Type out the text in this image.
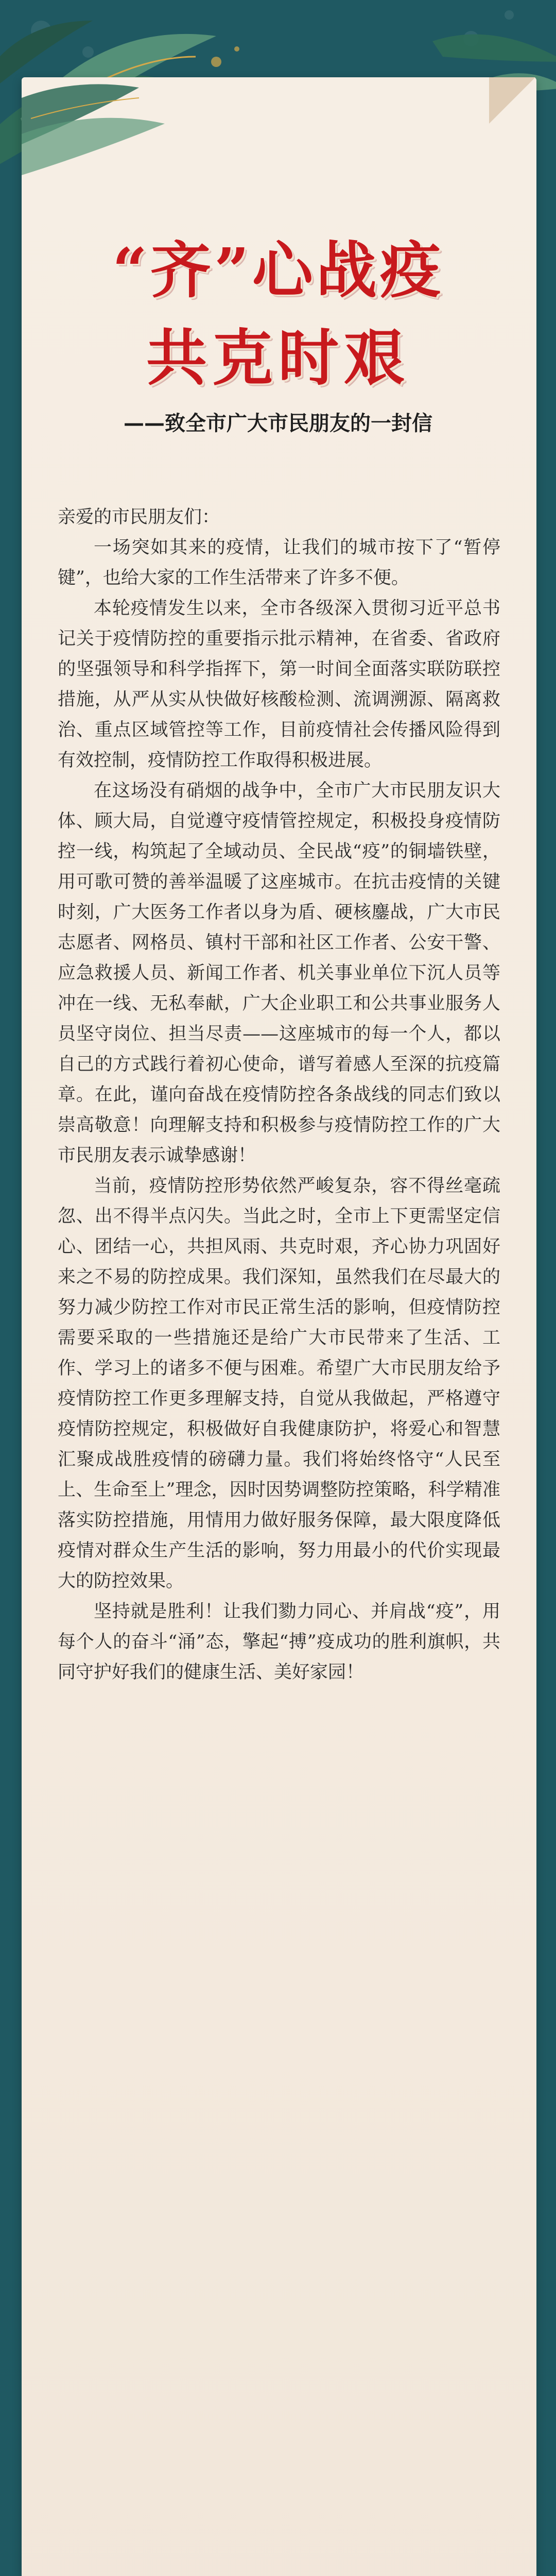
“齐”心战疫
共克时艰
——致全市广大市民朋友的一封信

亲爱的市民朋友们：

一场突如其来的疫情，让我们的城市按下了“暂停键”，也给大家的工作生活带来了许多不便。

本轮疫情发生以来，全市各级深入贯彻习近平总书记关于疫情防控的重要指示批示精神，在省委、省政府的坚强领导和科学指挥下，第一时间全面落实联防联控措施，从严从实从快做好核酸检测、流调溯源、隔离救治、重点区域管控等工作，目前疫情社会传播风险得到有效控制，疫情防控工作取得积极进展。

在这场没有硝烟的战争中，全市广大市民朋友识大体、顾大局，自觉遵守疫情管控规定，积极投身疫情防控一线，构筑起了全域动员、全民战“疫”的铜墙铁壁，用可歌可赞的善举温暖了这座城市。在抗击疫情的关键时刻，广大医务工作者以身为盾、硬核鏖战，广大市民志愿者、网格员、镇村干部和社区工作者、公安干警、应急救援人员、新闻工作者、机关事业单位下沉人员等冲在一线、无私奉献，广大企业职工和公共事业服务人员坚守岗位、担当尽责——这座城市的每一个人，都以自己的方式践行着初心使命，谱写着感人至深的抗疫篇章。在此，谨向奋战在疫情防控各条战线的同志们致以崇高敬意！向理解支持和积极参与疫情防控工作的广大市民朋友表示诚挚感谢！

当前，疫情防控形势依然严峻复杂，容不得丝毫疏忽、出不得半点闪失。当此之时，全市上下更需坚定信心、团结一心，共担风雨、共克时艰，齐心协力巩固好来之不易的防控成果。我们深知，虽然我们在尽最大的努力减少防控工作对市民正常生活的影响，但疫情防控需要采取的一些措施还是给广大市民带来了生活、工作、学习上的诸多不便与困难。希望广大市民朋友给予疫情防控工作更多理解支持，自觉从我做起，严格遵守疫情防控规定，积极做好自我健康防护，将爱心和智慧汇聚成战胜疫情的磅礴力量。我们将始终恪守“人民至上、生命至上”理念，因时因势调整防控策略，科学精准落实防控措施，用情用力做好服务保障，最大限度降低疫情对群众生产生活的影响，努力用最小的代价实现最大的防控效果。

坚持就是胜利！让我们勠力同心、并肩战“疫”，用每个人的奋斗“涌”态，擎起“搏”疫成功的胜利旗帜，共同守护好我们的健康生活、美好家园！
